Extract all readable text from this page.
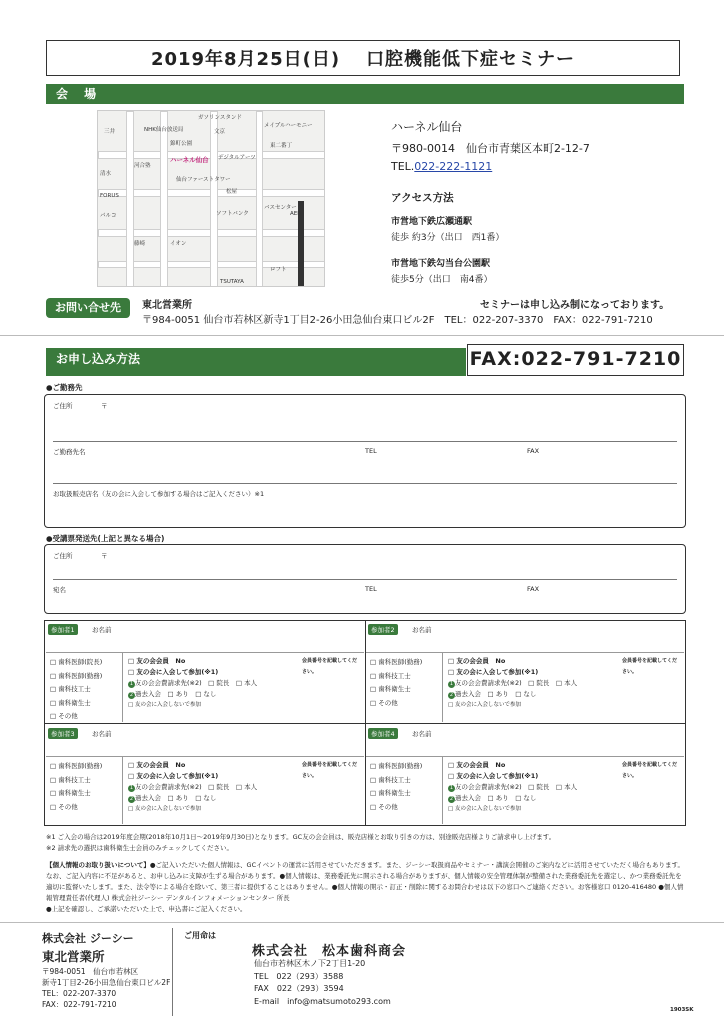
2019年8月25日(日) 口腔機能低下症セミナー
会 場
ガソリンスタンド
三井	NHK仙台放送局
錦町公園
文京
メイプルハーモニー
河合塾
ハーネル仙台 デジタルアーツ
東二番丁
清水
仙台ファーストタワー
FORUS
パルコ
バスセンター
ソフトバンク
松屋
藤崎	イオン
ロフト
TSUTAYA
AER
ハーネル仙台
〒980-0014　仙台市青葉区本町2-12-7
TEL.022-222-1121
アクセス方法
市営地下鉄広瀬通駅
徒歩 約3分（出口　西1番）
市営地下鉄勾当台公園駅
徒歩5分（出口　南4番）
お問い合せ先	東北営業所
〒984-0051 仙台市若林区新寺1丁目2-26小田急仙台東口ビル2F　TEL：022-207-3370　FAX：022-791-7210
セミナーは申し込み制になっております。
お申し込み方法	FAX:022-791-7210
●ご勤務先
ご住所	〒
ご勤務先名	TEL	FAX
お取扱販売店名（友の会に入会して参加する場合はご記入ください）※1
●受講票発送先(上記と異なる場合)
ご住所	〒
宛名	TEL	FAX
参加者1	お名前
□ 歯科医師(院長)
□ 歯科医師(勤務)
□ 歯科技工士
□ 歯科衛生士
□ その他
□ 友の会会員　No	会員番号を記載してください。
□ 友の会に入会して参加(※1)
1 友の会会費請求先(※2)　 □ 院長　□ 本人
2 過去入会　 □ あり　□ なし
□ 友の会に入会しないで参加
参加者2	お名前
□ 歯科医師(勤務)
□ 歯科技工士
□ 歯科衛生士
□ その他
□ 友の会会員　No	会員番号を記載してください。
□ 友の会に入会して参加(※1)
1 友の会会費請求先(※2)　 □ 院長　□ 本人
2 過去入会　 □ あり　□ なし
□ 友の会に入会しないで参加
参加者3	お名前
□ 歯科医師(勤務)
□ 歯科技工士
□ 歯科衛生士
□ その他
□ 友の会会員　No	会員番号を記載してください。
□ 友の会に入会して参加(※1)
1 友の会会費請求先(※2)　 □ 院長　□ 本人
2 過去入会　 □ あり　□ なし
□ 友の会に入会しないで参加
参加者4	お名前
□ 歯科医師(勤務)
□ 歯科技工士
□ 歯科衛生士
□ その他
□ 友の会会員　No	会員番号を記載してください。
□ 友の会に入会して参加(※1)
1 友の会会費請求先(※2)　 □ 院長　□ 本人
2 過去入会　 □ あり　□ なし
□ 友の会に入会しないで参加
※1 ご入会の場合は2019年度会期(2018年10月1日～2019年9月30日)となります。GC友の会会員は、販売店様とお取り引きの方は、別途販売店様よりご請求申し上げます。
※2 請求先の選択は歯科衛生士会員のみチェックしてください。
【個人情報のお取り扱いについて】●ご記入いただいた個人情報は、GCイベントの運営に活用させていただきます。また、ジーシー取扱商品やセミナー・講演会開催のご案内などに活用させていただく場合もあります。なお、ご記入内容に不足があると、お申し込みに支障が生ずる場合があります。●個人情報は、業務委託先に開示される場合がありますが、個人情報の安全管理体制が整備された業務委託先を選定し、かつ業務委託先を適切に監督いたします。また、法令等による場合を除いて、第三者に提供することはありません。●個人情報の開示・訂正・削除に関するお問合わせは以下の窓口へご連絡ください。お客様窓口 0120-416480 ●個人情報管理責任者(代理人) 株式会社ジーシー デンタルインフォメーションセンター 所長
●上記を確認し、ご承諾いただいた上で、申込書にご記入ください。
株式会社 ジーシー
東北営業所
〒984-0051　仙台市若林区
新寺1丁目2-26小田急仙台東口ビル2F
TEL：022-207-3370
FAX：022-791-7210
ご用命は
株式会社　松本歯科商会
仙台市若林区木ノ下2丁目1-20
TEL　022（293）3588
FAX　022（293）3594
E-mail　info@matsumoto293.com
1903SK
